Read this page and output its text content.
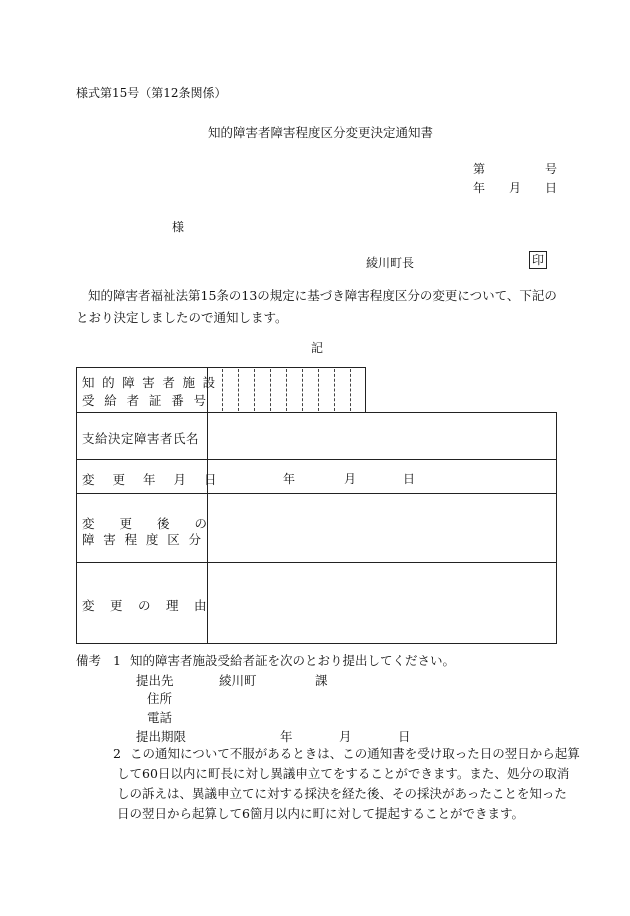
様式第15号（第12条関係）
知的障害者障害程度区分変更決定通知書
第	号
年 月 日
様
綾川町長	印
知的障害者福祉法第15条の13の規定に基づき障害程度区分の変更について、下記のとおり決定しましたので通知します。
記
知的障害者施設
受給者証番号
支給決定障害者氏名
変更年月日	年	月	日
変更後の
障害程度区分
変更の理由
備考 1 知的障害者施設受給者証を次のとおり提出してください。
提出先	綾川町	課
住所
電話
提出期限	年	月	日
2 この通知について不服があるときは、この通知書を受け取った日の翌日から起算
して60日以内に町長に対し異議申立てをすることができます。また、処分の取消
しの訴えは、異議申立てに対する採決を経た後、その採決があったことを知った
日の翌日から起算して6箇月以内に町に対して提起することができます。
